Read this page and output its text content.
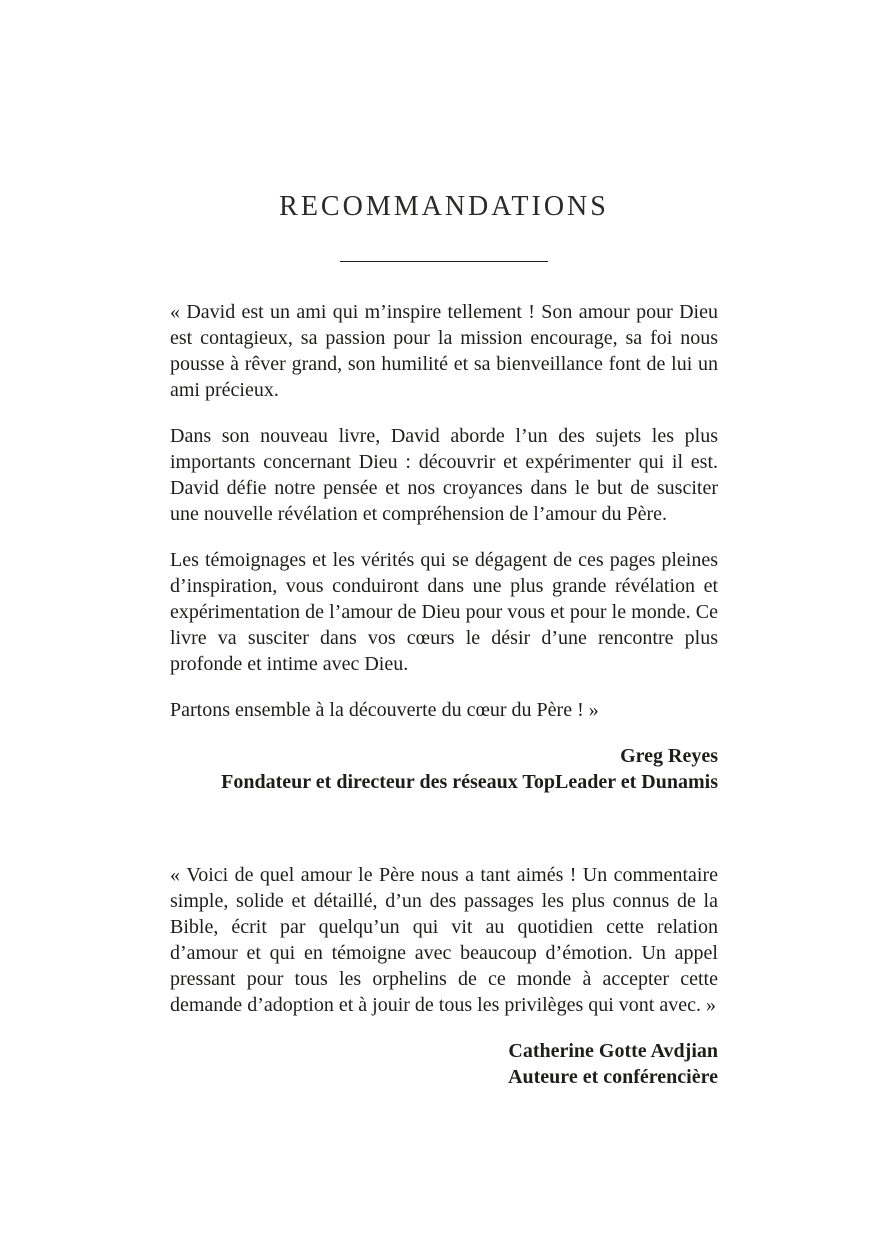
RECOMMANDATIONS

« David est un ami qui m’inspire tellement ! Son amour pour Dieu est contagieux, sa passion pour la mission encourage, sa foi nous pousse à rêver grand, son humilité et sa bienveillance font de lui un ami précieux.

Dans son nouveau livre, David aborde l’un des sujets les plus importants concernant Dieu : découvrir et expérimenter qui il est. David défie notre pensée et nos croyances dans le but de susciter une nouvelle révélation et compréhension de l’amour du Père.

Les témoignages et les vérités qui se dégagent de ces pages pleines d’inspiration, vous conduiront dans une plus grande révélation et expérimentation de l’amour de Dieu pour vous et pour le monde. Ce livre va susciter dans vos cœurs le désir d’une rencontre plus profonde et intime avec Dieu.

Partons ensemble à la découverte du cœur du Père ! »

Greg Reyes

Fondateur et directeur des réseaux TopLeader et Dunamis

« Voici de quel amour le Père nous a tant aimés ! Un commentaire simple, solide et détaillé, d’un des passages les plus connus de la Bible, écrit par quelqu’un qui vit au quotidien cette relation d’amour et qui en témoigne avec beaucoup d’émotion. Un appel pressant pour tous les orphelins de ce monde à accepter cette demande d’adoption et à jouir de tous les privilèges qui vont avec. »

Catherine Gotte Avdjian

Auteure et conférencière
